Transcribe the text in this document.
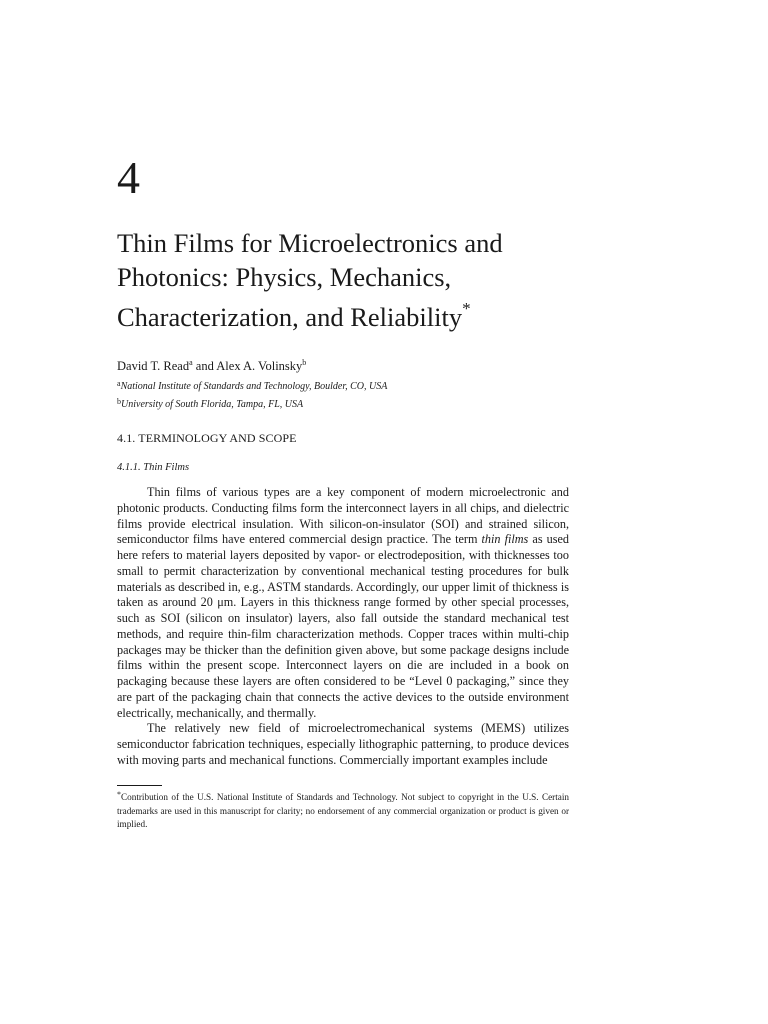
4
Thin Films for Microelectronics and Photonics: Physics, Mechanics, Characterization, and Reliability*
David T. Read$^a$ and Alex A. Volinsky$^b$
$^a$National Institute of Standards and Technology, Boulder, CO, USA
$^b$University of South Florida, Tampa, FL, USA
4.1. TERMINOLOGY AND SCOPE
4.1.1. Thin Films

Thin films of various types are a key component of modern microelectronic and photonic products. Conducting films form the interconnect layers in all chips, and dielectric films provide electrical insulation. With silicon-on-insulator (SOI) and strained silicon, semiconductor films have entered commercial design practice. The term thin films as used here refers to material layers deposited by vapor- or electrodeposition, with thicknesses too small to permit characterization by conventional mechanical testing procedures for bulk materials as described in, e.g., ASTM standards. Accordingly, our upper limit of thickness is taken as around 20 μm. Layers in this thickness range formed by other special processes, such as SOI (silicon on insulator) layers, also fall outside the standard mechanical test methods, and require thin-film characterization methods. Copper traces within multi-chip packages may be thicker than the definition given above, but some package designs include films within the present scope. Interconnect layers on die are included in a book on packaging because these layers are often considered to be “Level 0 packaging,” since they are part of the packaging chain that connects the active devices to the outside environment electrically, mechanically, and thermally.

The relatively new field of microelectromechanical systems (MEMS) utilizes semiconductor fabrication techniques, especially lithographic patterning, to produce devices with moving parts and mechanical functions. Commercially important examples include

*Contribution of the U.S. National Institute of Standards and Technology. Not subject to copyright in the U.S. Certain trademarks are used in this manuscript for clarity; no endorsement of any commercial organization or product is given or implied.
